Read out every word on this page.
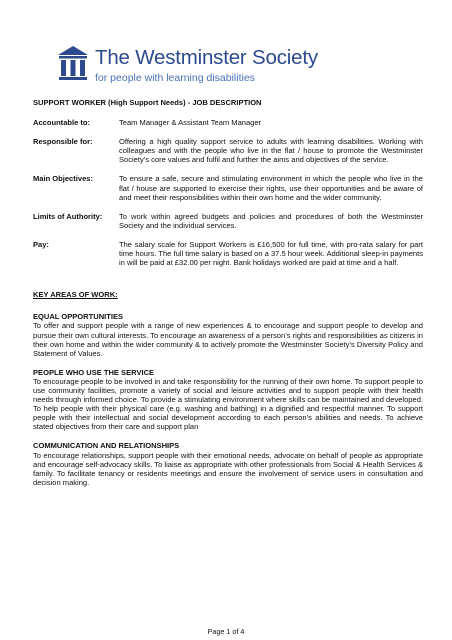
The Westminster Society
for people with learning disabilities
SUPPORT WORKER (High Support Needs) - JOB DESCRIPTION
Accountable to:	Team Manager & Assistant Team Manager
Responsible for:	Offering a high quality support service to adults with learning disabilities. Working with colleagues and with the people who live in the flat / house to promote the Westminster Society’s core values and fulfil and further the aims and objectives of the service.
Main Objectives:	To ensure a safe, secure and stimulating environment in which the people who live in the flat / house are supported to exercise their rights, use their opportunities and be aware of and meet their responsibilities within their own home and the wider community.
Limits of Authority:	To work within agreed budgets and policies and procedures of both the Westminster Society and the individual services.
Pay:	The salary scale for Support Workers is £16,500 for full time, with pro-rata salary for part time hours. The full time salary is based on a 37.5 hour week. Additional sleep-in payments in will be paid at £32.00 per night. Bank holidays worked are paid at time and a half.
KEY AREAS OF WORK:
EQUAL OPPORTUNITIES

To offer and support people with a range of new experiences & to encourage and support people to develop and pursue their own cultural interests. To encourage an awareness of a person’s rights and responsibilities as citizens in their own home and within the wider community & to actively promote the Westminster Society’s Diversity Policy and Statement of Values.

PEOPLE WHO USE THE SERVICE

To encourage people to be involved in and take responsibility for the running of their own home. To support people to use community facilities, promote a variety of social and leisure activities and to support people with their health needs through informed choice. To provide a stimulating environment where skills can be maintained and developed. To help people with their physical care (e.g. washing and bathing) in a dignified and respectful manner. To support people with their intellectual and social development according to each person’s abilities and needs. To achieve stated objectives from their care and support plan

COMMUNICATION AND RELATIONSHIPS

To encourage relationships, support people with their emotional needs, advocate on behalf of people as appropriate and encourage self-advocacy skills. To liaise as appropriate with other professionals from Social & Health Services & family. To facilitate tenancy or residents meetings and ensure the involvement of service users in consultation and decision making.

Page 1 of 4
